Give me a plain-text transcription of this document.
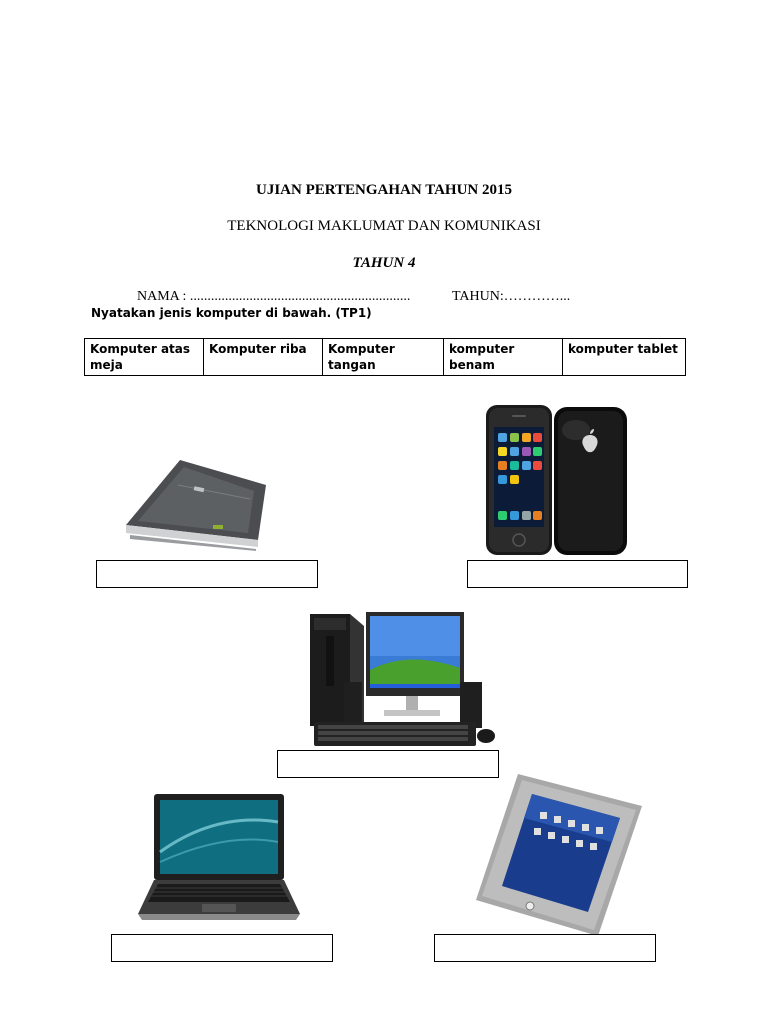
UJIAN PERTENGAHAN TAHUN 2015
TEKNOLOGI MAKLUMAT DAN KOMUNIKASI
TAHUN 4
NAMA : ...............................................................	TAHUN:…………...
Nyatakan jenis komputer di bawah. (TP1)
Komputer atas meja	Komputer riba	Komputer tangan	komputer benam	komputer tablet
